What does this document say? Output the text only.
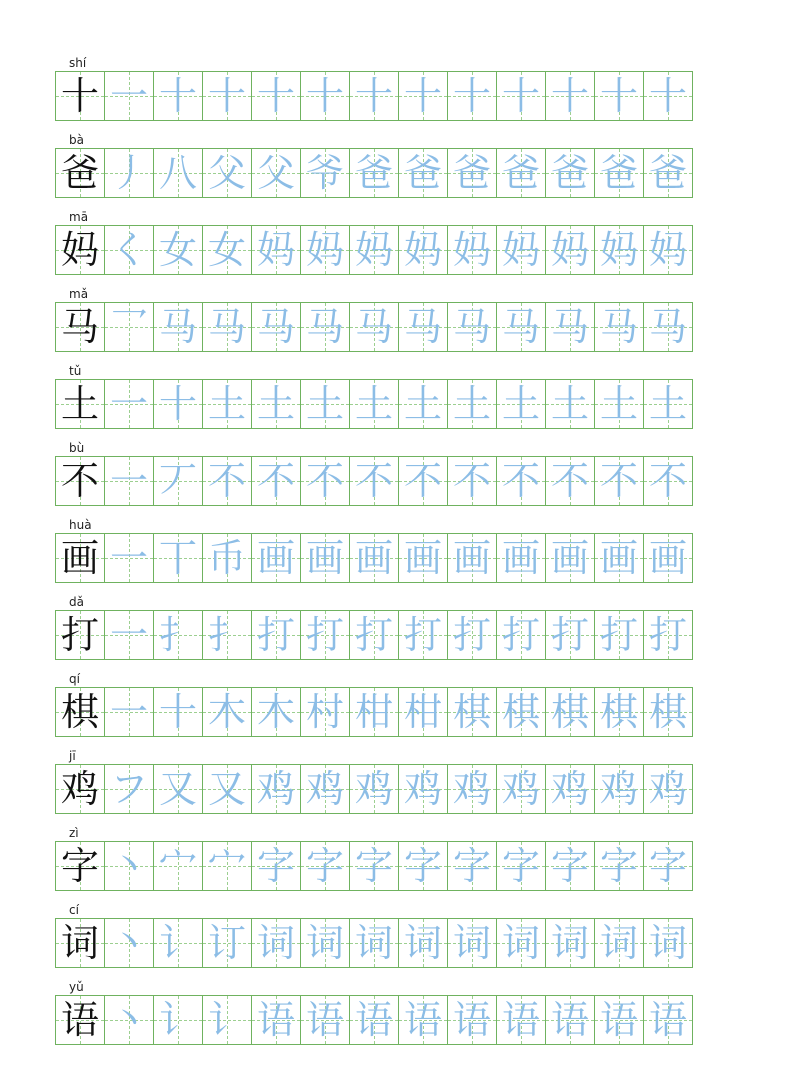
shí
十 一 十 十 十 十 十 十 十 十 十 十 十
bà
爸 丿 八 父 父 爷 爸 爸 爸 爸 爸 爸 爸
mā
妈 く 女 女 妈 妈 妈 妈 妈 妈 妈 妈 妈
mǎ
马 乛 马 马 马 马 马 马 马 马 马 马 马
tǔ
土 一 十 土 土 土 土 土 土 土 土 土 土
bù
不 一 丆 不 不 不 不 不 不 不 不 不 不
huà
画 一 丅 币 画 画 画 画 画 画 画 画 画
dǎ
打 一 扌 扌 打 打 打 打 打 打 打 打 打
qí
棋 一 十 木 木 村 柑 柑 棋 棋 棋 棋 棋
jī
鸡 フ 又 又 鸡 鸡 鸡 鸡 鸡 鸡 鸡 鸡 鸡
zì
字 丶 宀 宀 字 字 字 字 字 字 字 字 字
cí
词 丶 讠 订 词 词 词 词 词 词 词 词 词
yǔ
语 丶 讠 讠 语 语 语 语 语 语 语 语 语
